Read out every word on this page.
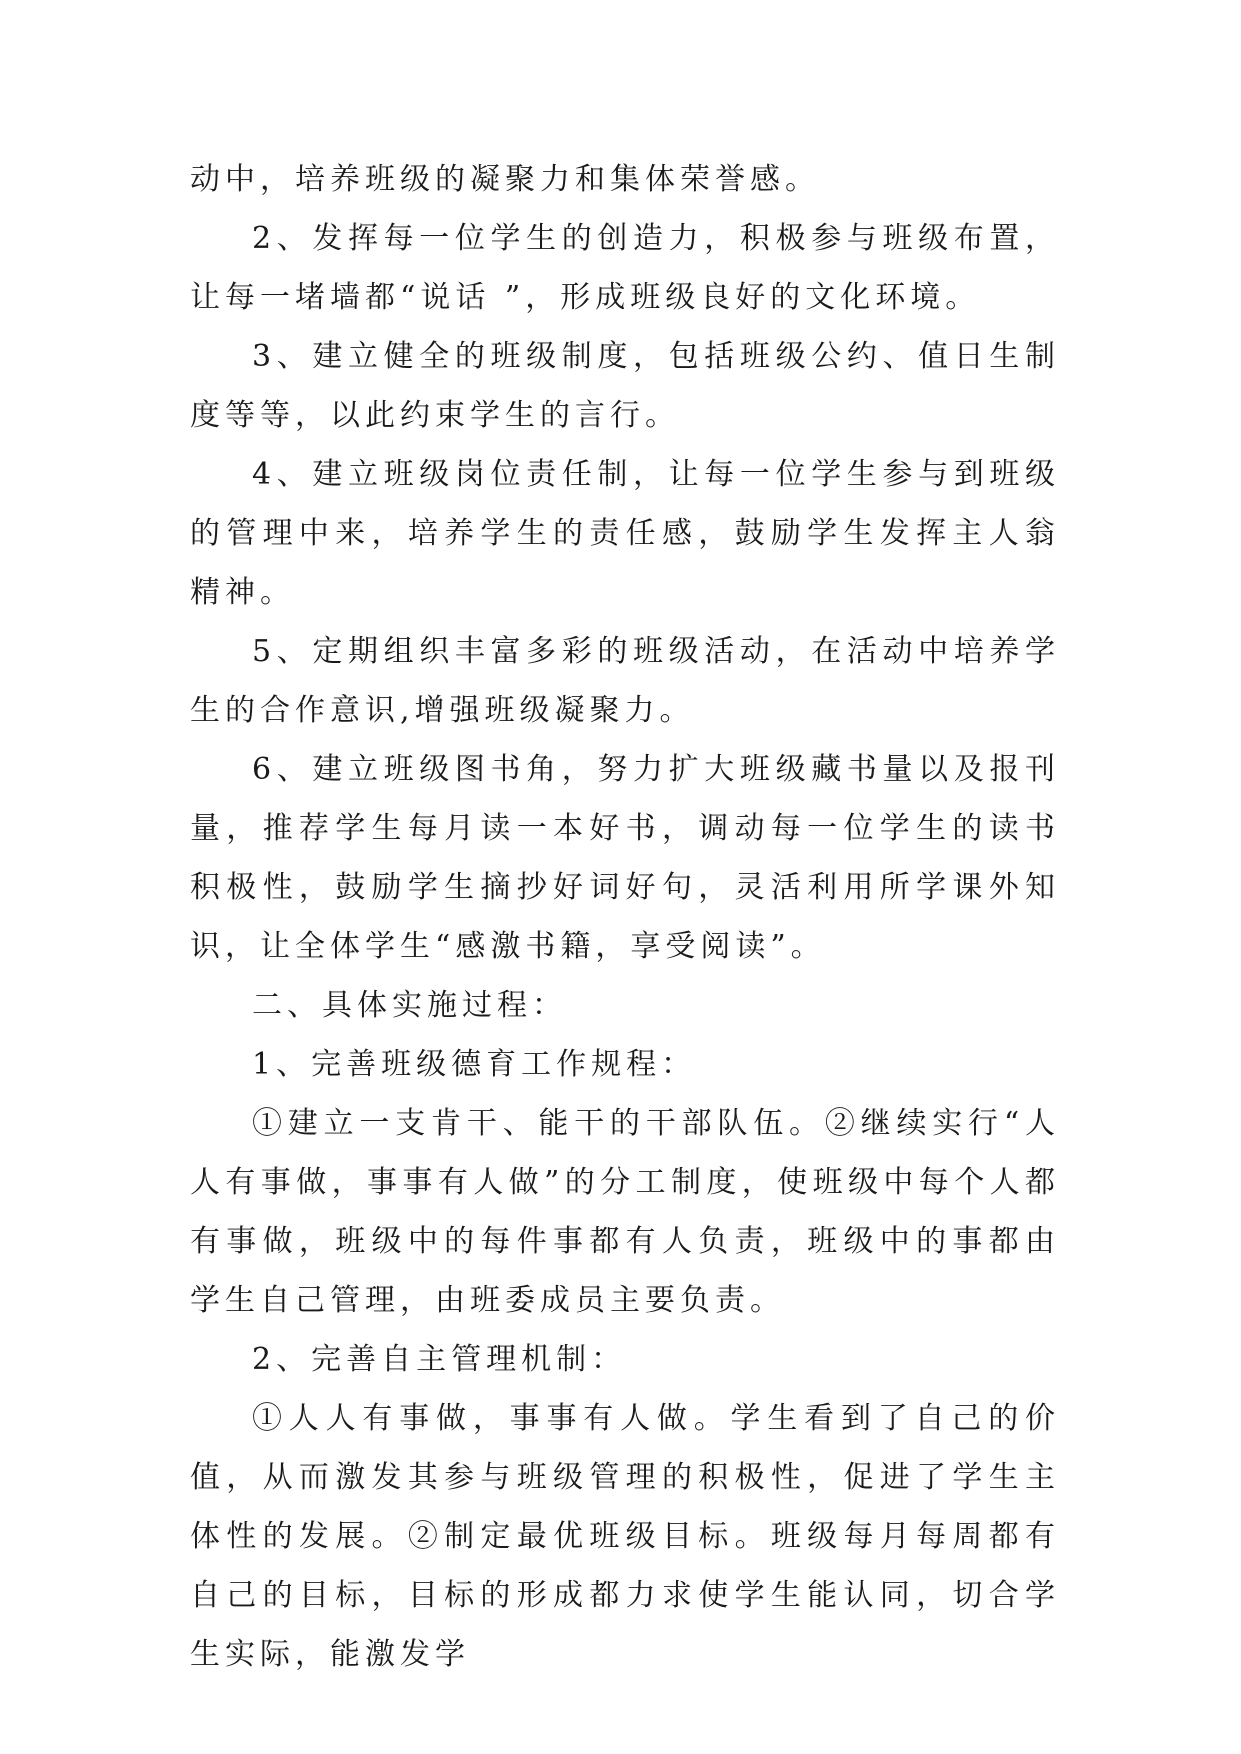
动中，培养班级的凝聚力和集体荣誉感。

2、发挥每一位学生的创造力，积极参与班级布置，让每一堵墙都“说话 ”，形成班级良好的文化环境。

3、建立健全的班级制度，包括班级公约、值日生制度等等，以此约束学生的言行。

4、建立班级岗位责任制，让每一位学生参与到班级的管理中来，培养学生的责任感，鼓励学生发挥主人翁精神。

5、定期组织丰富多彩的班级活动，在活动中培养学生的合作意识,增强班级凝聚力。

6、建立班级图书角，努力扩大班级藏书量以及报刊量，推荐学生每月读一本好书，调动每一位学生的读书积极性，鼓励学生摘抄好词好句，灵活利用所学课外知识，让全体学生“感激书籍，享受阅读”。

二、具体实施过程：

1、完善班级德育工作规程：

①建立一支肯干、能干的干部队伍。②继续实行“人人有事做，事事有人做”的分工制度，使班级中每个人都有事做，班级中的每件事都有人负责，班级中的事都由学生自己管理，由班委成员主要负责。

2、完善自主管理机制：

①人人有事做，事事有人做。学生看到了自己的价值，从而激发其参与班级管理的积极性，促进了学生主体性的发展。②制定最优班级目标。班级每月每周都有自己的目标，目标的形成都力求使学生能认同，切合学生实际，能激发学
